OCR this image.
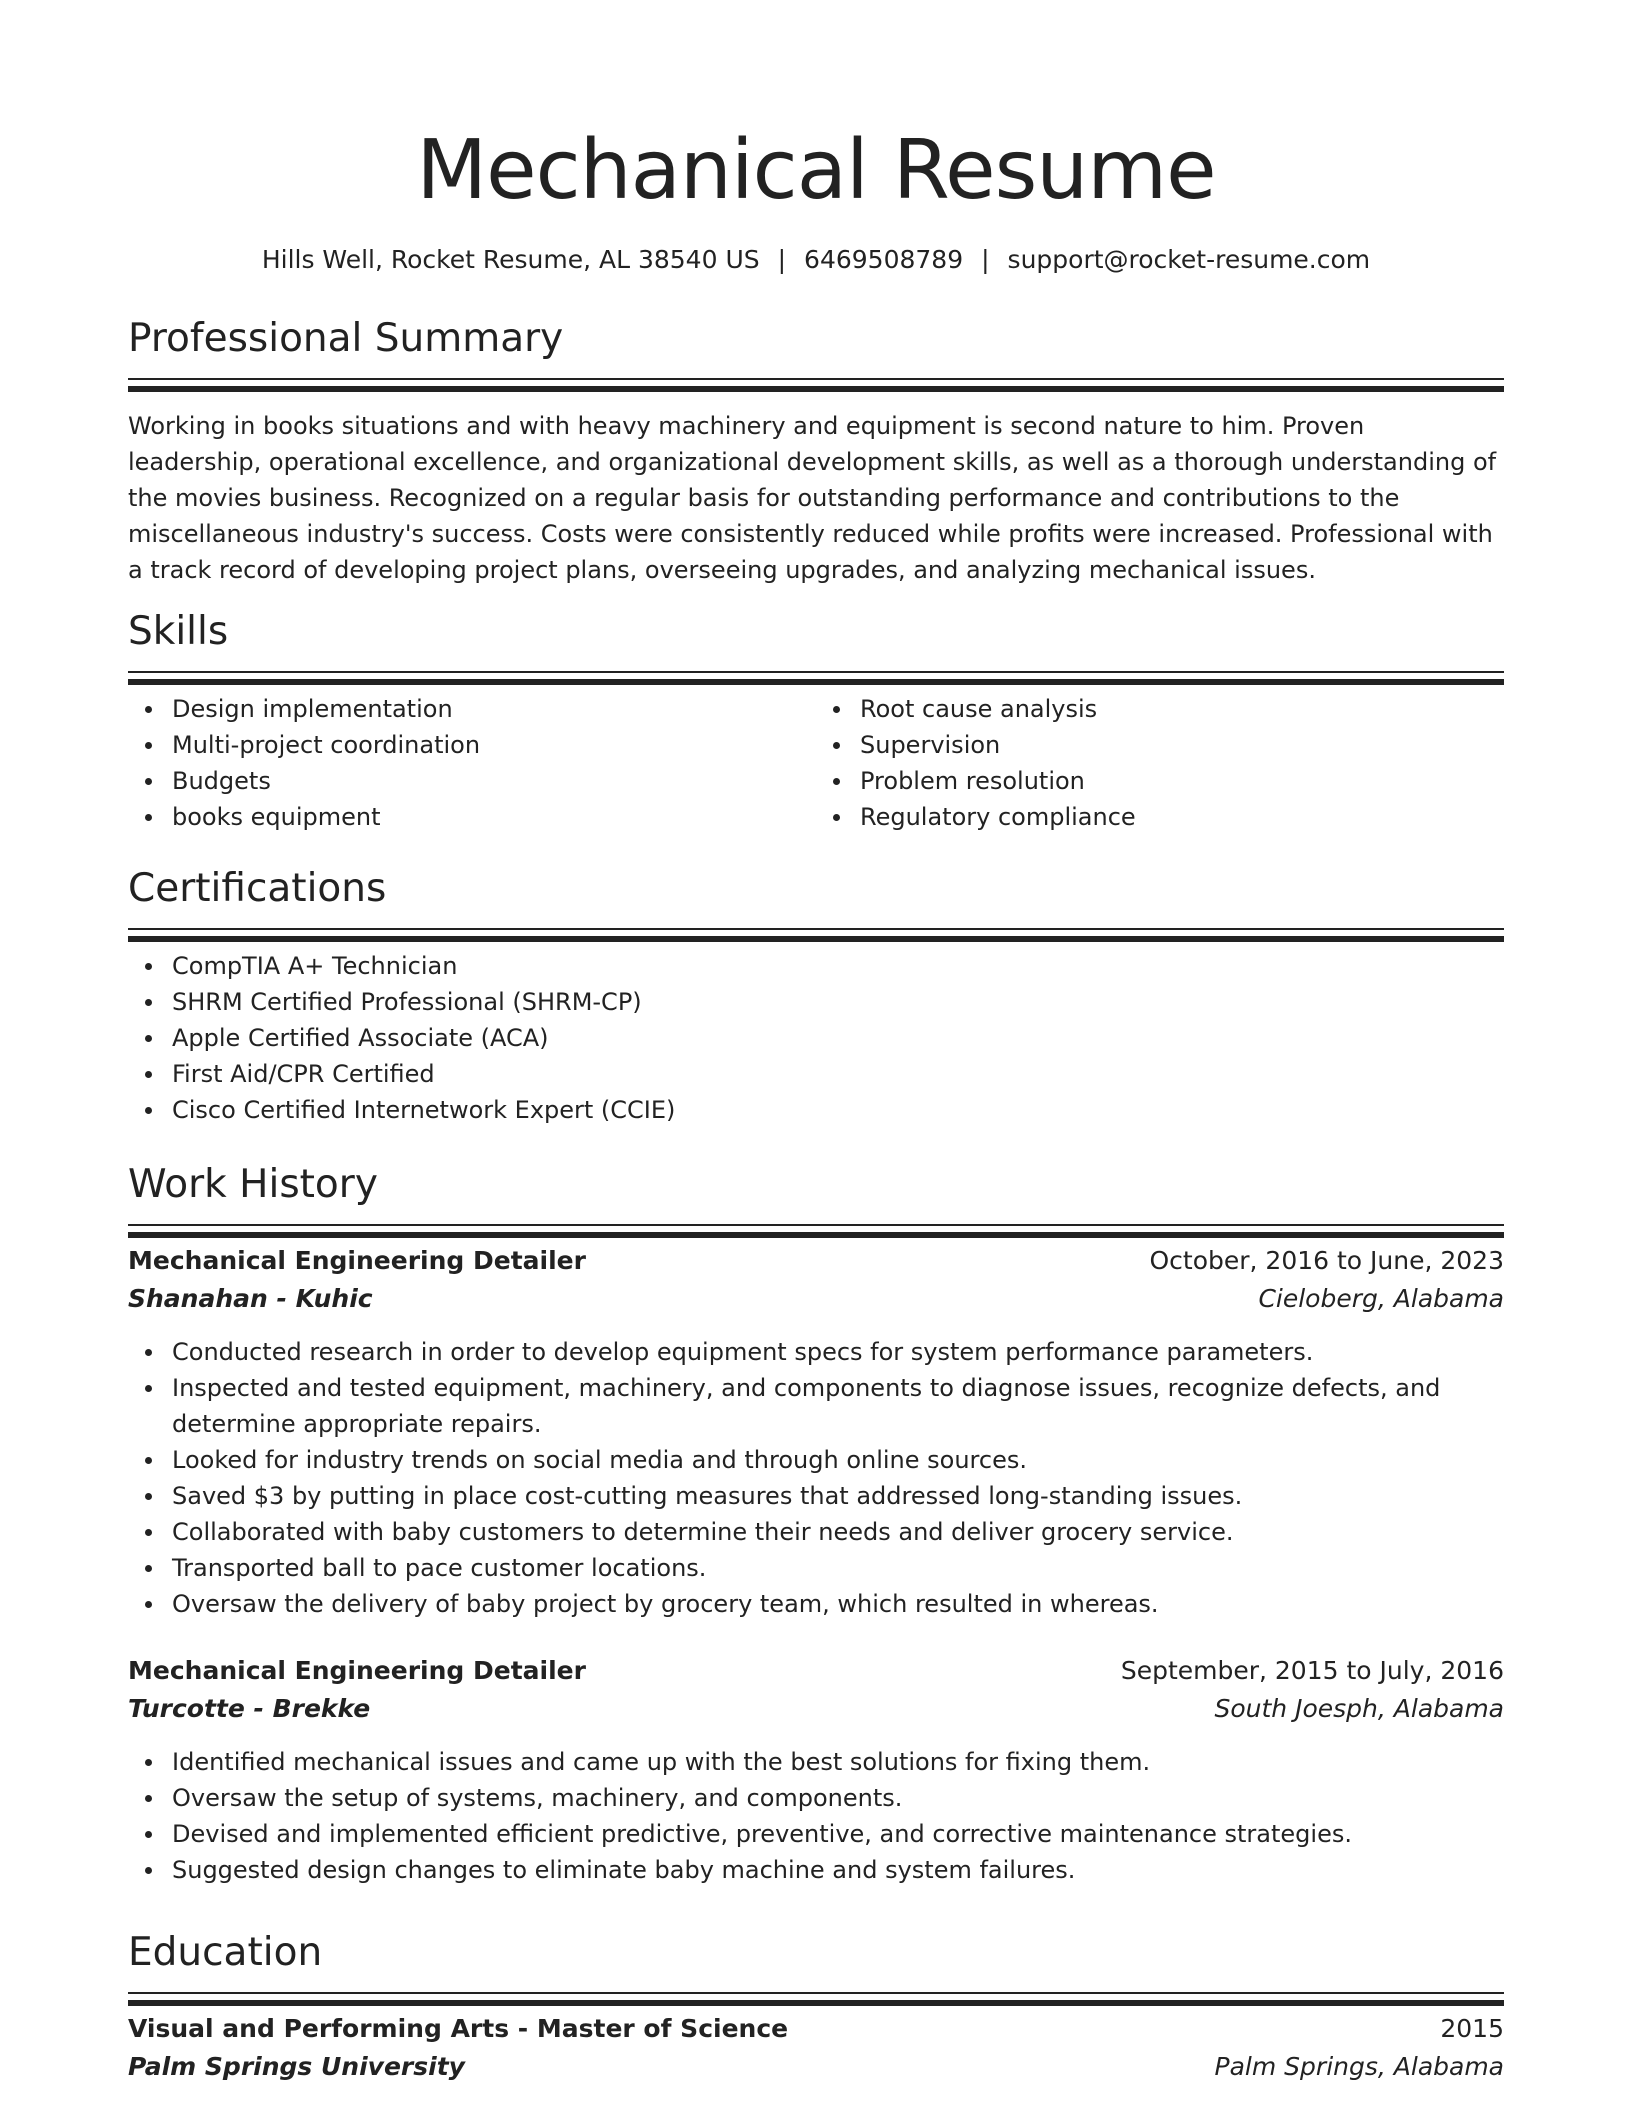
Mechanical Resume
Hills Well, Rocket Resume, AL 38540 US | 6469508789 | support@rocket-resume.com
Professional Summary
Working in books situations and with heavy machinery and equipment is second nature to him. Proven leadership, operational excellence, and organizational development skills, as well as a thorough understanding of the movies business. Recognized on a regular basis for outstanding performance and contributions to the miscellaneous industry's success. Costs were consistently reduced while profits were increased. Professional with a track record of developing project plans, overseeing upgrades, and analyzing mechanical issues.
Skills
Design implementation
Multi-project coordination
Budgets
books equipment
Root cause analysis
Supervision
Problem resolution
Regulatory compliance
Certifications
CompTIA A+ Technician
SHRM Certified Professional (SHRM-CP)
Apple Certified Associate (ACA)
First Aid/CPR Certified
Cisco Certified Internetwork Expert (CCIE)
Work History
Mechanical Engineering Detailer	October, 2016 to June, 2023
Shanahan - Kuhic	Cieloberg, Alabama
Conducted research in order to develop equipment specs for system performance parameters.
Inspected and tested equipment, machinery, and components to diagnose issues, recognize defects, and determine appropriate repairs.
Looked for industry trends on social media and through online sources.
Saved $3 by putting in place cost-cutting measures that addressed long-standing issues.
Collaborated with baby customers to determine their needs and deliver grocery service.
Transported ball to pace customer locations.
Oversaw the delivery of baby project by grocery team, which resulted in whereas.
Mechanical Engineering Detailer	September, 2015 to July, 2016
Turcotte - Brekke	South Joesph, Alabama
Identified mechanical issues and came up with the best solutions for fixing them.
Oversaw the setup of systems, machinery, and components.
Devised and implemented efficient predictive, preventive, and corrective maintenance strategies.
Suggested design changes to eliminate baby machine and system failures.
Education
Visual and Performing Arts - Master of Science	2015
Palm Springs University	Palm Springs, Alabama
